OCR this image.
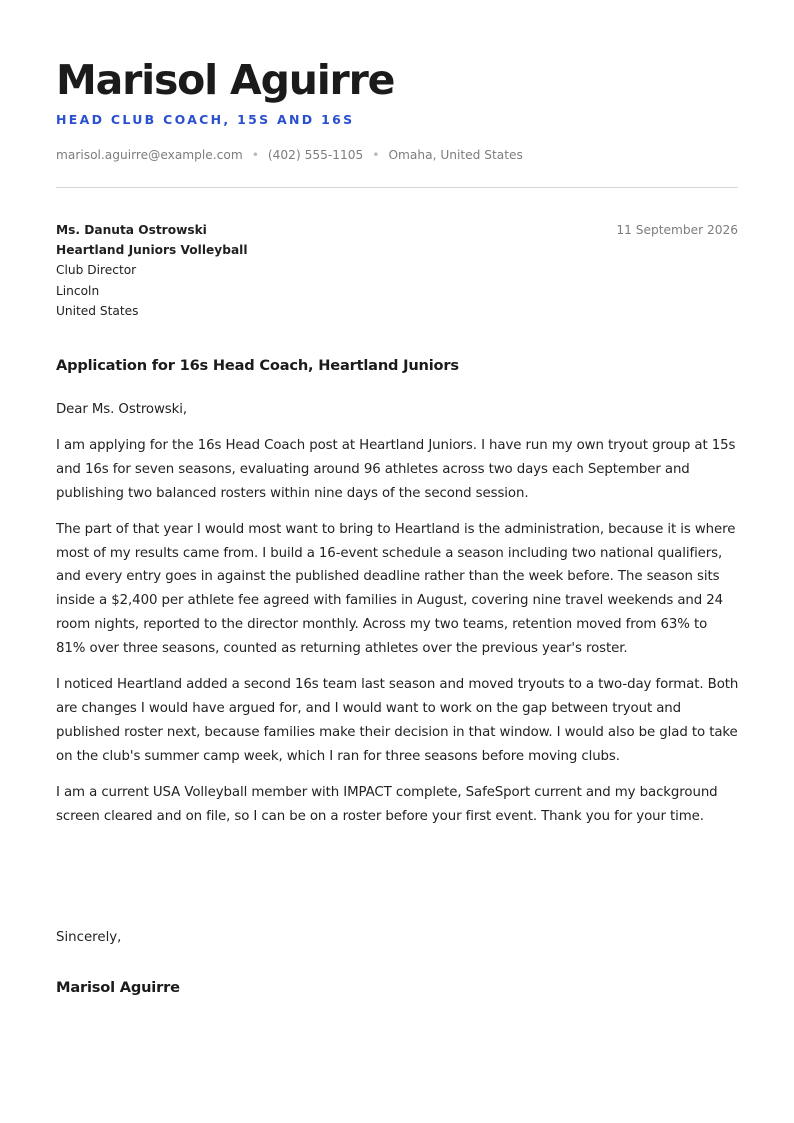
Marisol Aguirre
HEAD CLUB COACH, 15S AND 16S
marisol.aguirre@example.com • (402) 555-1105 • Omaha, United States
Ms. Danuta Ostrowski
Heartland Juniors Volleyball
Club Director
Lincoln
United States
11 September 2026
Application for 16s Head Coach, Heartland Juniors

Dear Ms. Ostrowski,

I am applying for the 16s Head Coach post at Heartland Juniors. I have run my own tryout group at 15s and 16s for seven seasons, evaluating around 96 athletes across two days each September and publishing two balanced rosters within nine days of the second session.

The part of that year I would most want to bring to Heartland is the administration, because it is where most of my results came from. I build a 16-event schedule a season including two national qualifiers, and every entry goes in against the published deadline rather than the week before. The season sits inside a $2,400 per athlete fee agreed with families in August, covering nine travel weekends and 24 room nights, reported to the director monthly. Across my two teams, retention moved from 63% to 81% over three seasons, counted as returning athletes over the previous year's roster.

I noticed Heartland added a second 16s team last season and moved tryouts to a two-day format. Both are changes I would have argued for, and I would want to work on the gap between tryout and published roster next, because families make their decision in that window. I would also be glad to take on the club's summer camp week, which I ran for three seasons before moving clubs.

I am a current USA Volleyball member with IMPACT complete, SafeSport current and my background screen cleared and on file, so I can be on a roster before your first event. Thank you for your time.

Sincerely,
Marisol Aguirre
